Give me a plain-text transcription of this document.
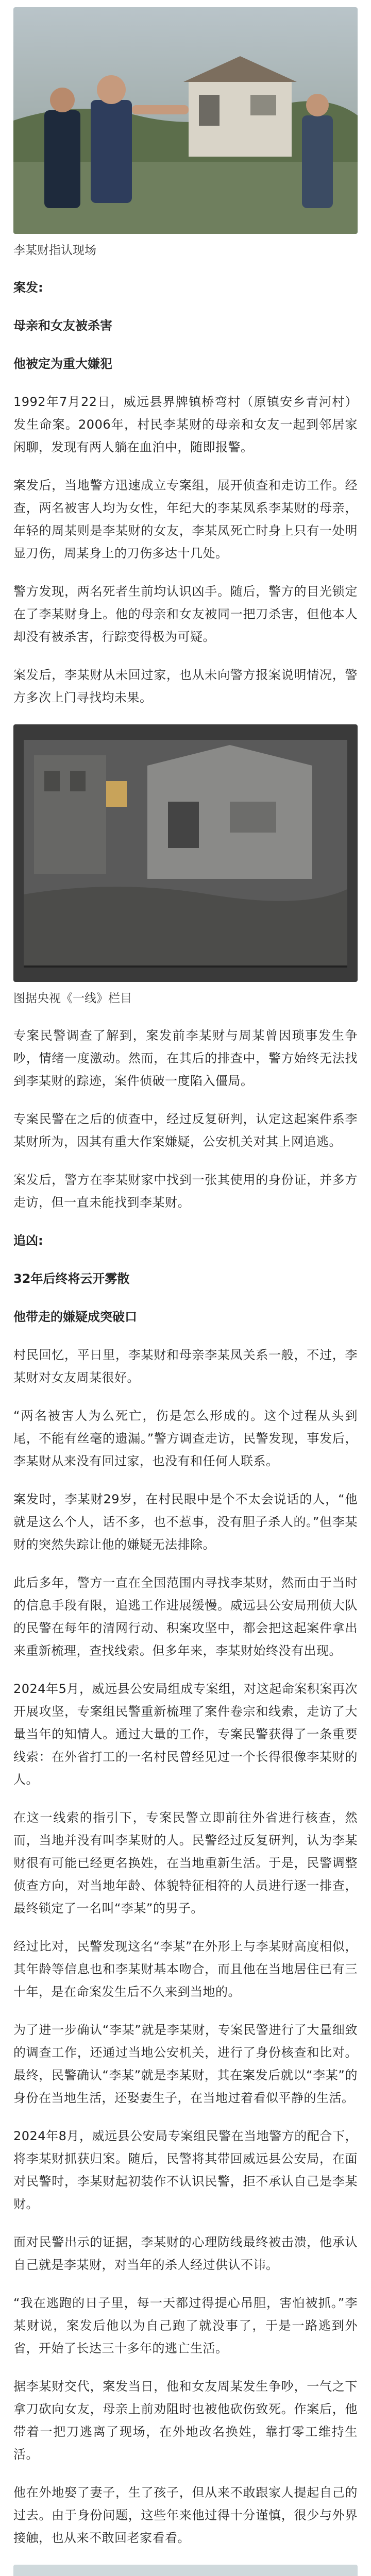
李某财指认现场
案发:
母亲和女友被杀害
他被定为重大嫌犯

1992年7月22日，威远县界牌镇桥弯村（原镇安乡青河村）发生命案。2006年，村民李某财的母亲和女友一起到邻居家闲聊，发现有两人躺在血泊中，随即报警。

案发后，当地警方迅速成立专案组，展开侦查和走访工作。经查，两名被害人均为女性，年纪大的李某凤系李某财的母亲，年轻的周某则是李某财的女友，李某凤死亡时身上只有一处明显刀伤，周某身上的刀伤多达十几处。

警方发现，两名死者生前均认识凶手。随后，警方的目光锁定在了李某财身上。他的母亲和女友被同一把刀杀害，但他本人却没有被杀害，行踪变得极为可疑。

案发后，李某财从未回过家，也从未向警方报案说明情况，警方多次上门寻找均未果。

图据央视《一线》栏目

专案民警调查了解到，案发前李某财与周某曾因琐事发生争吵，情绪一度激动。然而，在其后的排查中，警方始终无法找到李某财的踪迹，案件侦破一度陷入僵局。

专案民警在之后的侦查中，经过反复研判，认定这起案件系李某财所为，因其有重大作案嫌疑，公安机关对其上网追逃。

案发后，警方在李某财家中找到一张其使用的身份证，并多方走访，但一直未能找到李某财。

追凶:
32年后终将云开雾散
他带走的嫌疑成突破口

村民回忆，平日里，李某财和母亲李某凤关系一般，不过，李某财对女友周某很好。

“两名被害人为么死亡，伤是怎么形成的。这个过程从头到尾，不能有丝毫的遗漏。”警方调查走访，民警发现，事发后，李某财从来没有回过家，也没有和任何人联系。

案发时，李某财29岁，在村民眼中是个不太会说话的人，“他就是这么个人，话不多，也不惹事，没有胆子杀人的。”但李某财的突然失踪让他的嫌疑无法排除。

此后多年，警方一直在全国范围内寻找李某财，然而由于当时的信息手段有限，追逃工作进展缓慢。威远县公安局刑侦大队的民警在每年的清网行动、积案攻坚中，都会把这起案件拿出来重新梳理，查找线索。但多年来，李某财始终没有出现。

2024年5月，威远县公安局组成专案组，对这起命案积案再次开展攻坚，专案组民警重新梳理了案件卷宗和线索，走访了大量当年的知情人。通过大量的工作，专案民警获得了一条重要线索：在外省打工的一名村民曾经见过一个长得很像李某财的人。

在这一线索的指引下，专案民警立即前往外省进行核查，然而，当地并没有叫李某财的人。民警经过反复研判，认为李某财很有可能已经更名换姓，在当地重新生活。于是，民警调整侦查方向，对当地年龄、体貌特征相符的人员进行逐一排查，最终锁定了一名叫“李某”的男子。

经过比对，民警发现这名“李某”在外形上与李某财高度相似，其年龄等信息也和李某财基本吻合，而且他在当地居住已有三十年，是在命案发生后不久来到当地的。

为了进一步确认“李某”就是李某财，专案民警进行了大量细致的调查工作，还通过当地公安机关，进行了身份核查和比对。最终，民警确认“李某”就是李某财，其在案发后就以“李某”的身份在当地生活，还娶妻生子，在当地过着看似平静的生活。

2024年8月，威远县公安局专案组民警在当地警方的配合下，将李某财抓获归案。随后，民警将其带回威远县公安局，在面对民警时，李某财起初装作不认识民警，拒不承认自己是李某财。

面对民警出示的证据，李某财的心理防线最终被击溃，他承认自己就是李某财，对当年的杀人经过供认不讳。

“我在逃跑的日子里，每一天都过得提心吊胆，害怕被抓。”李某财说，案发后他以为自己跑了就没事了，于是一路逃到外省，开始了长达三十多年的逃亡生活。

据李某财交代，案发当日，他和女友周某发生争吵，一气之下拿刀砍向女友，母亲上前劝阻时也被他砍伤致死。作案后，他带着一把刀逃离了现场，在外地改名换姓，靠打零工维持生活。

他在外地娶了妻子，生了孩子，但从来不敢跟家人提起自己的过去。由于身份问题，这些年来他过得十分谨慎，很少与外界接触，也从来不敢回老家看看。
